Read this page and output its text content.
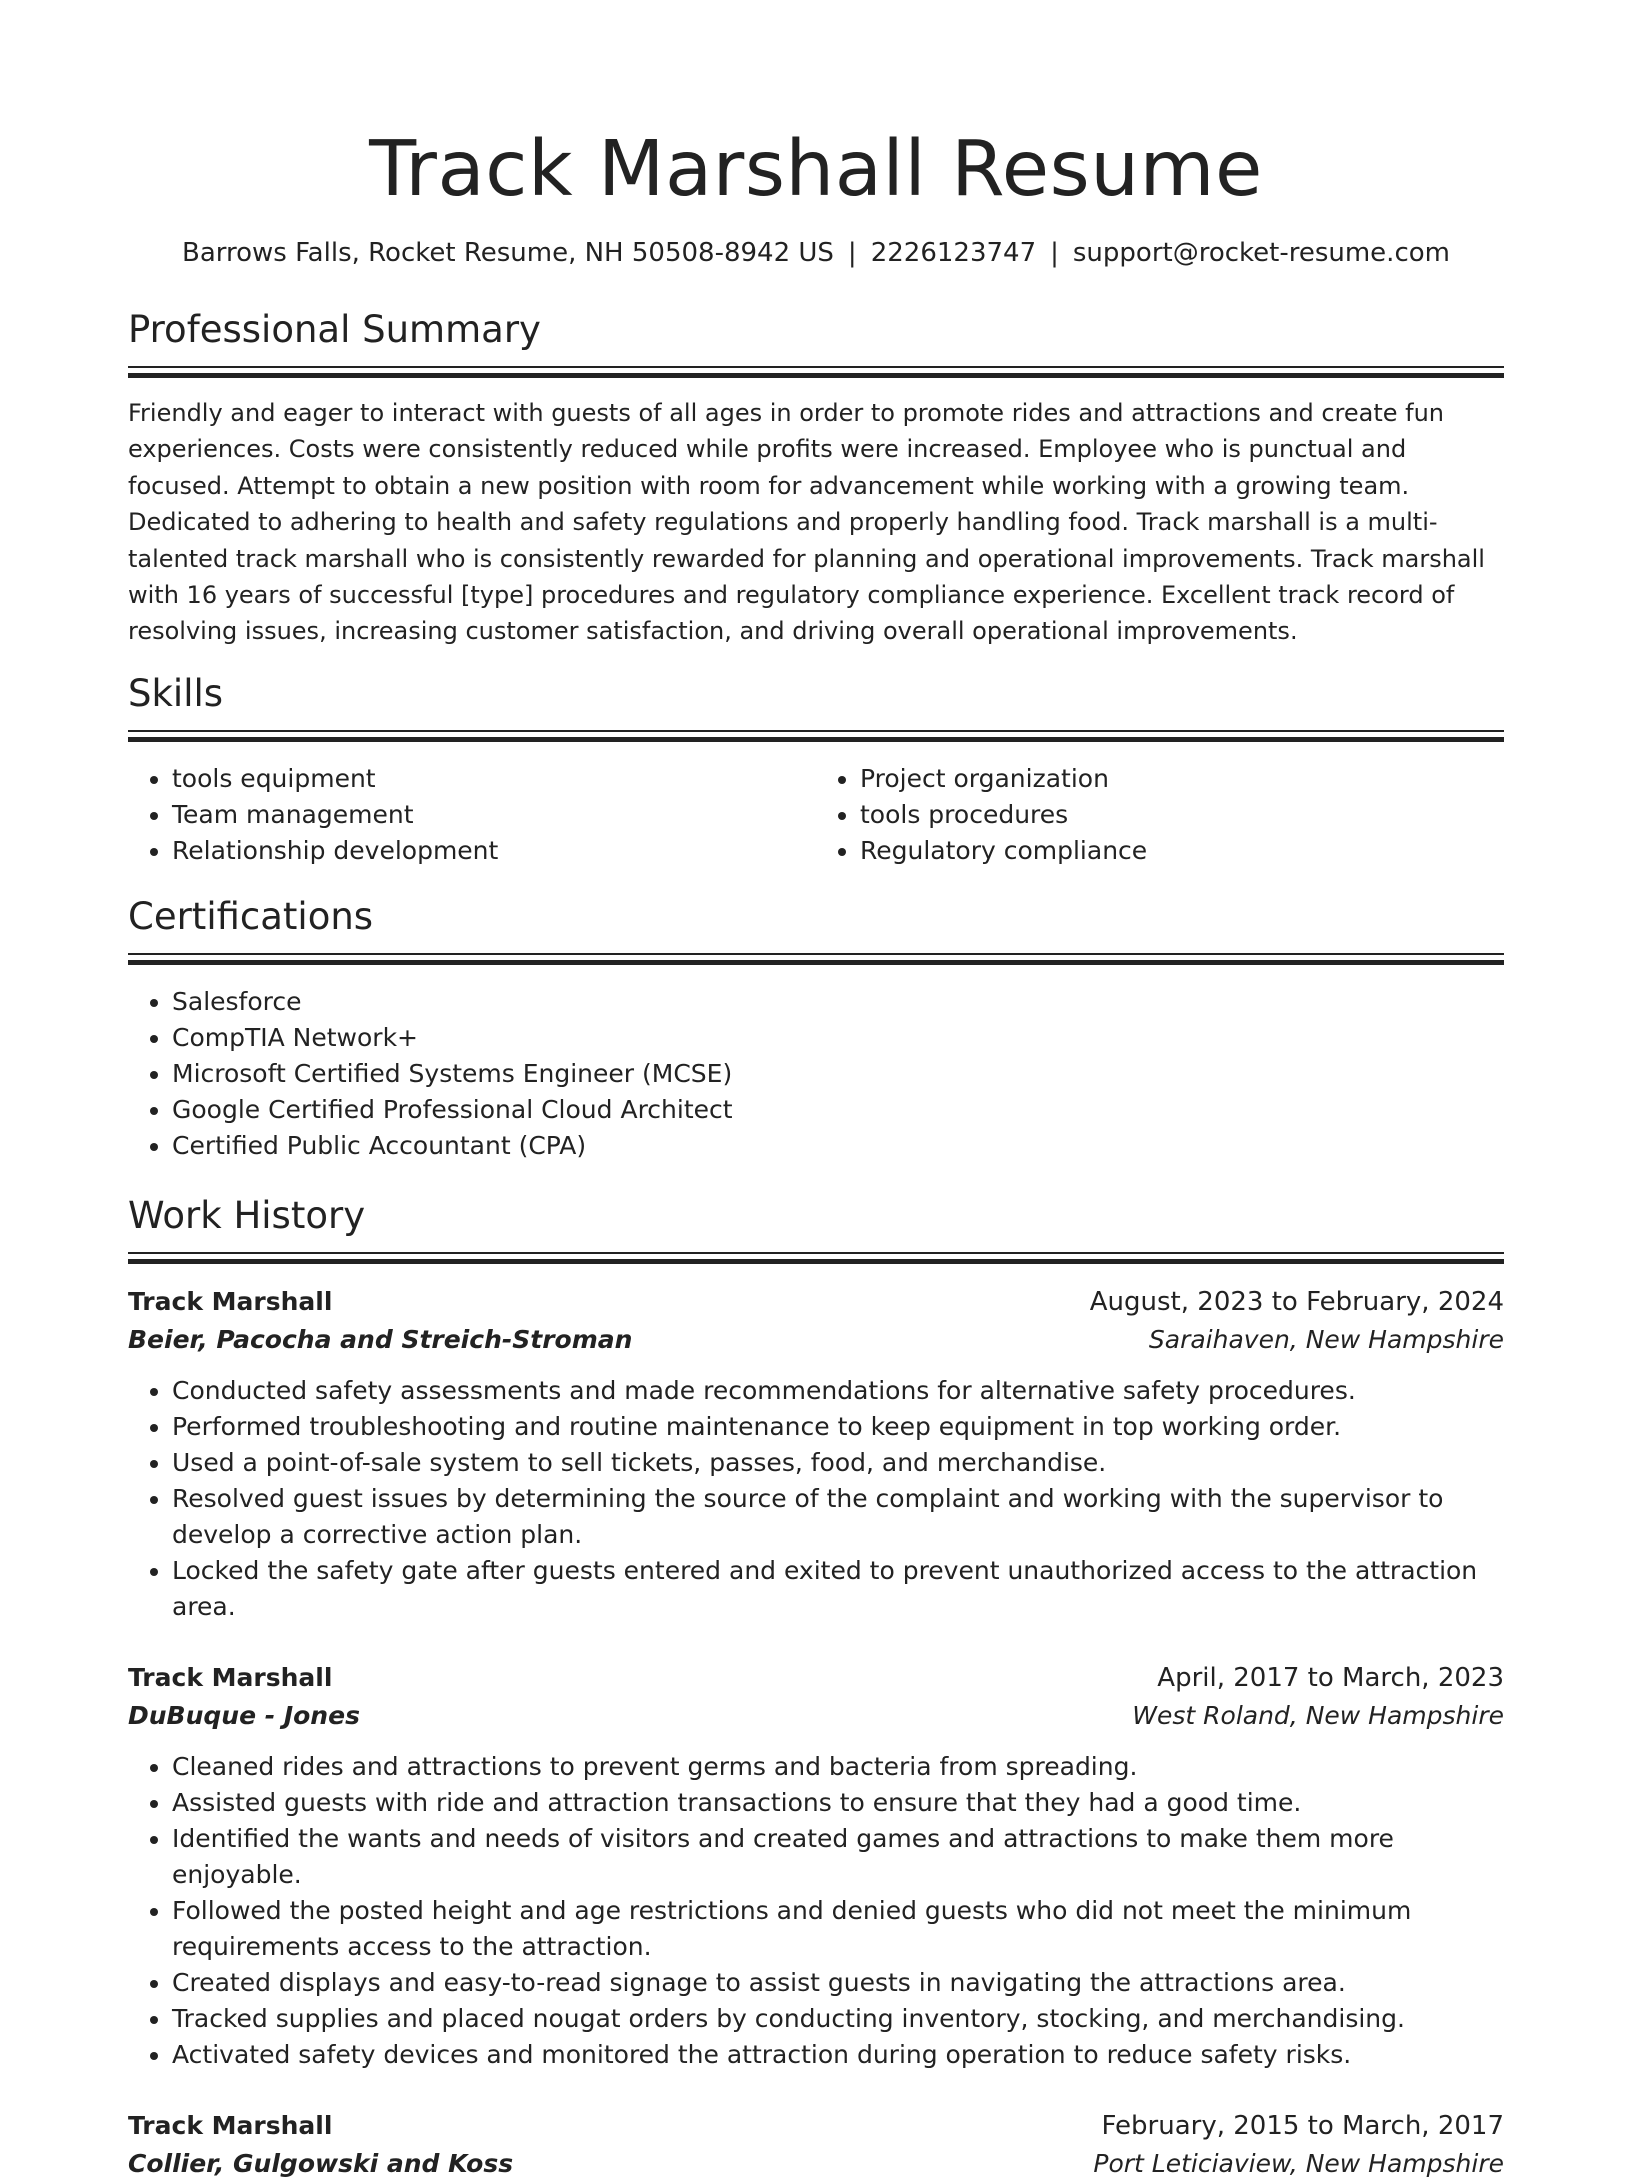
Track Marshall Resume
Barrows Falls, Rocket Resume, NH 50508-8942 US | 2226123747 | support@rocket-resume.com
Professional Summary

Friendly and eager to interact with guests of all ages in order to promote rides and attractions and create fun experiences. Costs were consistently reduced while profits were increased. Employee who is punctual and focused. Attempt to obtain a new position with room for advancement while working with a growing team. Dedicated to adhering to health and safety regulations and properly handling food. Track marshall is a multi-talented track marshall who is consistently rewarded for planning and operational improvements. Track marshall with 16 years of successful [type] procedures and regulatory compliance experience. Excellent track record of resolving issues, increasing customer satisfaction, and driving overall operational improvements.

Skills
• tools equipment
• Team management
• Relationship development
• Project organization
• tools procedures
• Regulatory compliance
Certifications
• Salesforce
• CompTIA Network+
• Microsoft Certified Systems Engineer (MCSE)
• Google Certified Professional Cloud Architect
• Certified Public Accountant (CPA)
Work History
Track Marshall	August, 2023 to February, 2024
Beier, Pacocha and Streich-Stroman	Saraihaven, New Hampshire
• Conducted safety assessments and made recommendations for alternative safety procedures.
• Performed troubleshooting and routine maintenance to keep equipment in top working order.
• Used a point-of-sale system to sell tickets, passes, food, and merchandise.
• Resolved guest issues by determining the source of the complaint and working with the supervisor to develop a corrective action plan.
• Locked the safety gate after guests entered and exited to prevent unauthorized access to the attraction area.
Track Marshall	April, 2017 to March, 2023
DuBuque - Jones	West Roland, New Hampshire
• Cleaned rides and attractions to prevent germs and bacteria from spreading.
• Assisted guests with ride and attraction transactions to ensure that they had a good time.
• Identified the wants and needs of visitors and created games and attractions to make them more enjoyable.
• Followed the posted height and age restrictions and denied guests who did not meet the minimum requirements access to the attraction.
• Created displays and easy-to-read signage to assist guests in navigating the attractions area.
• Tracked supplies and placed nougat orders by conducting inventory, stocking, and merchandising.
• Activated safety devices and monitored the attraction during operation to reduce safety risks.
Track Marshall	February, 2015 to March, 2017
Collier, Gulgowski and Koss	Port Leticiaview, New Hampshire
